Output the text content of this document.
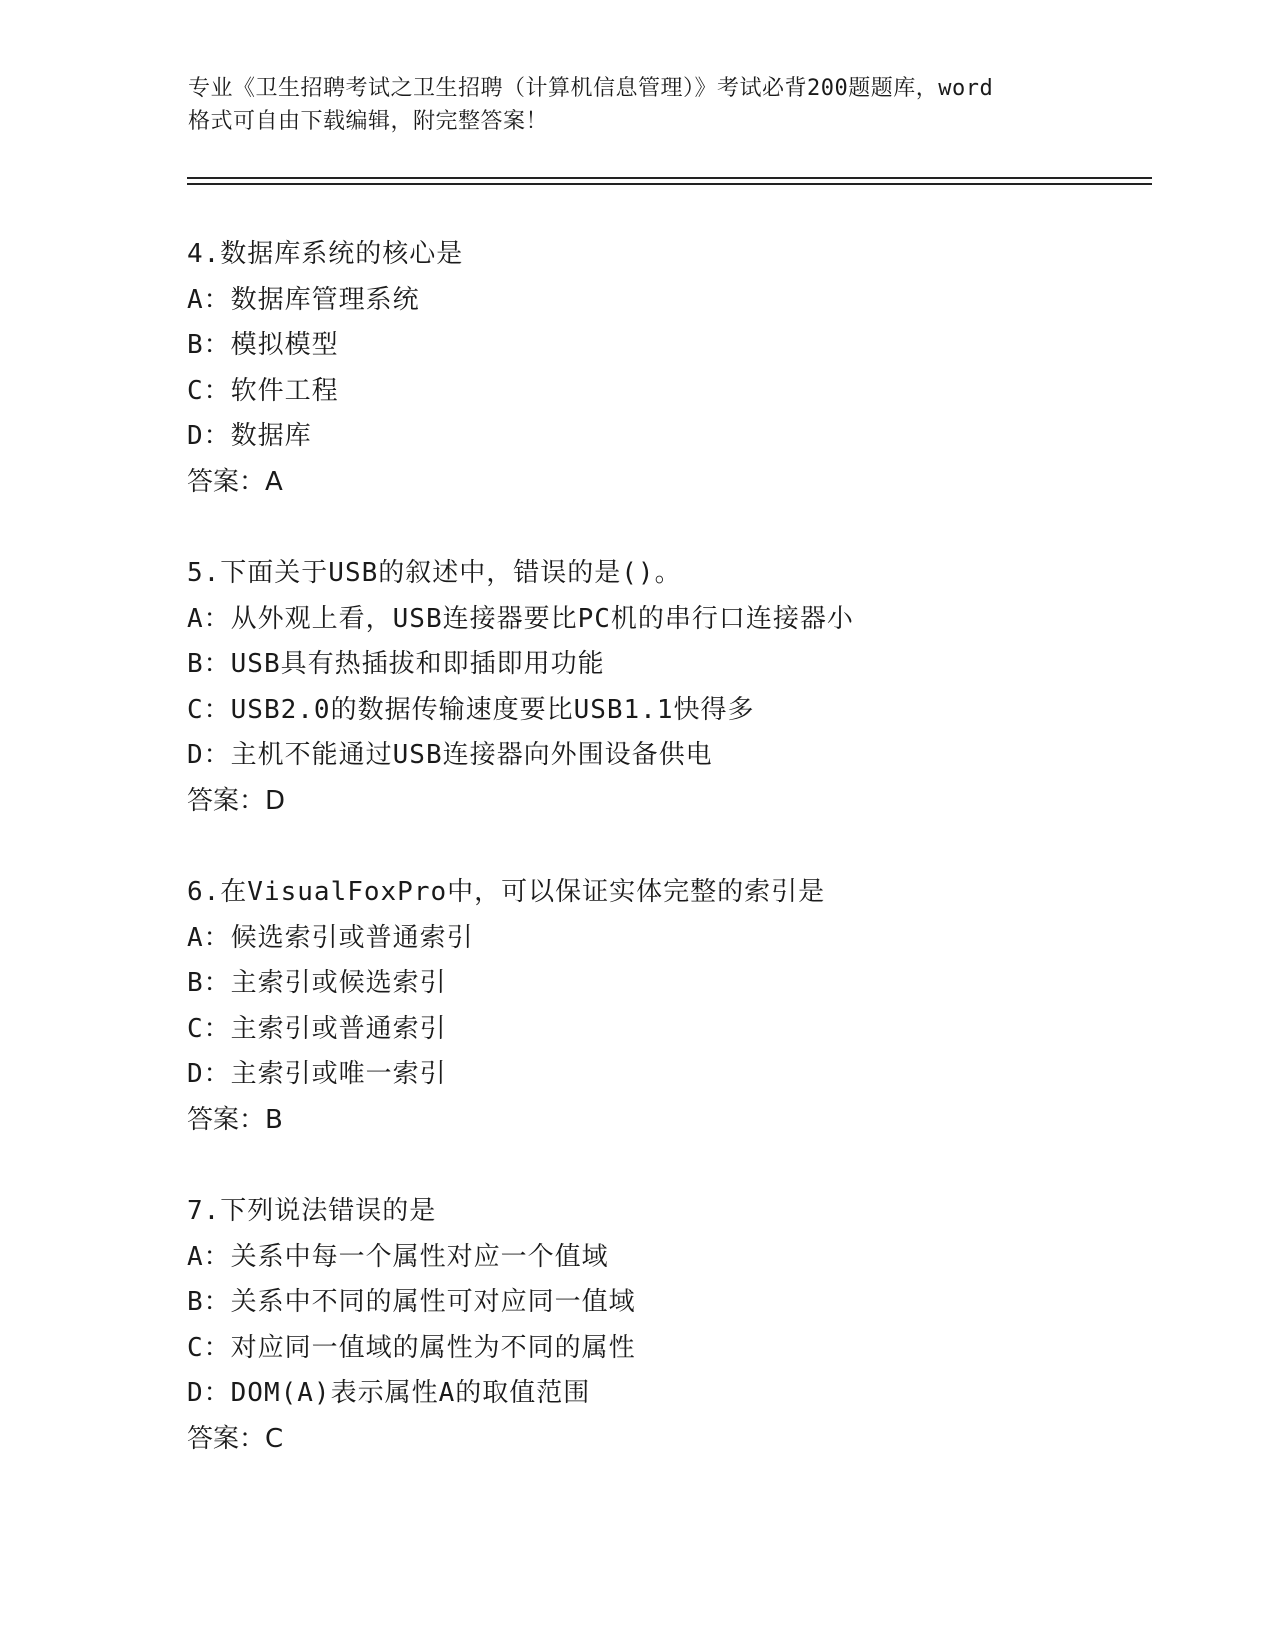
专业《卫生招聘考试之卫生招聘（计算机信息管理）》考试必背200题题库，word
格式可自由下载编辑，附完整答案！
4.数据库系统的核心是
A：数据库管理系统
B：模拟模型
C：软件工程
D：数据库
答案：A
5.下面关于USB的叙述中，错误的是()。
A：从外观上看，USB连接器要比PC机的串行口连接器小
B：USB具有热插拔和即插即用功能
C：USB2.0的数据传输速度要比USB1.1快得多
D：主机不能通过USB连接器向外围设备供电
答案：D
6.在VisualFoxPro中，可以保证实体完整的索引是
A：候选索引或普通索引
B：主索引或候选索引
C：主索引或普通索引
D：主索引或唯一索引
答案：B
7.下列说法错误的是
A：关系中每一个属性对应一个值域
B：关系中不同的属性可对应同一值域
C：对应同一值域的属性为不同的属性
D：DOM(A)表示属性A的取值范围
答案：C
